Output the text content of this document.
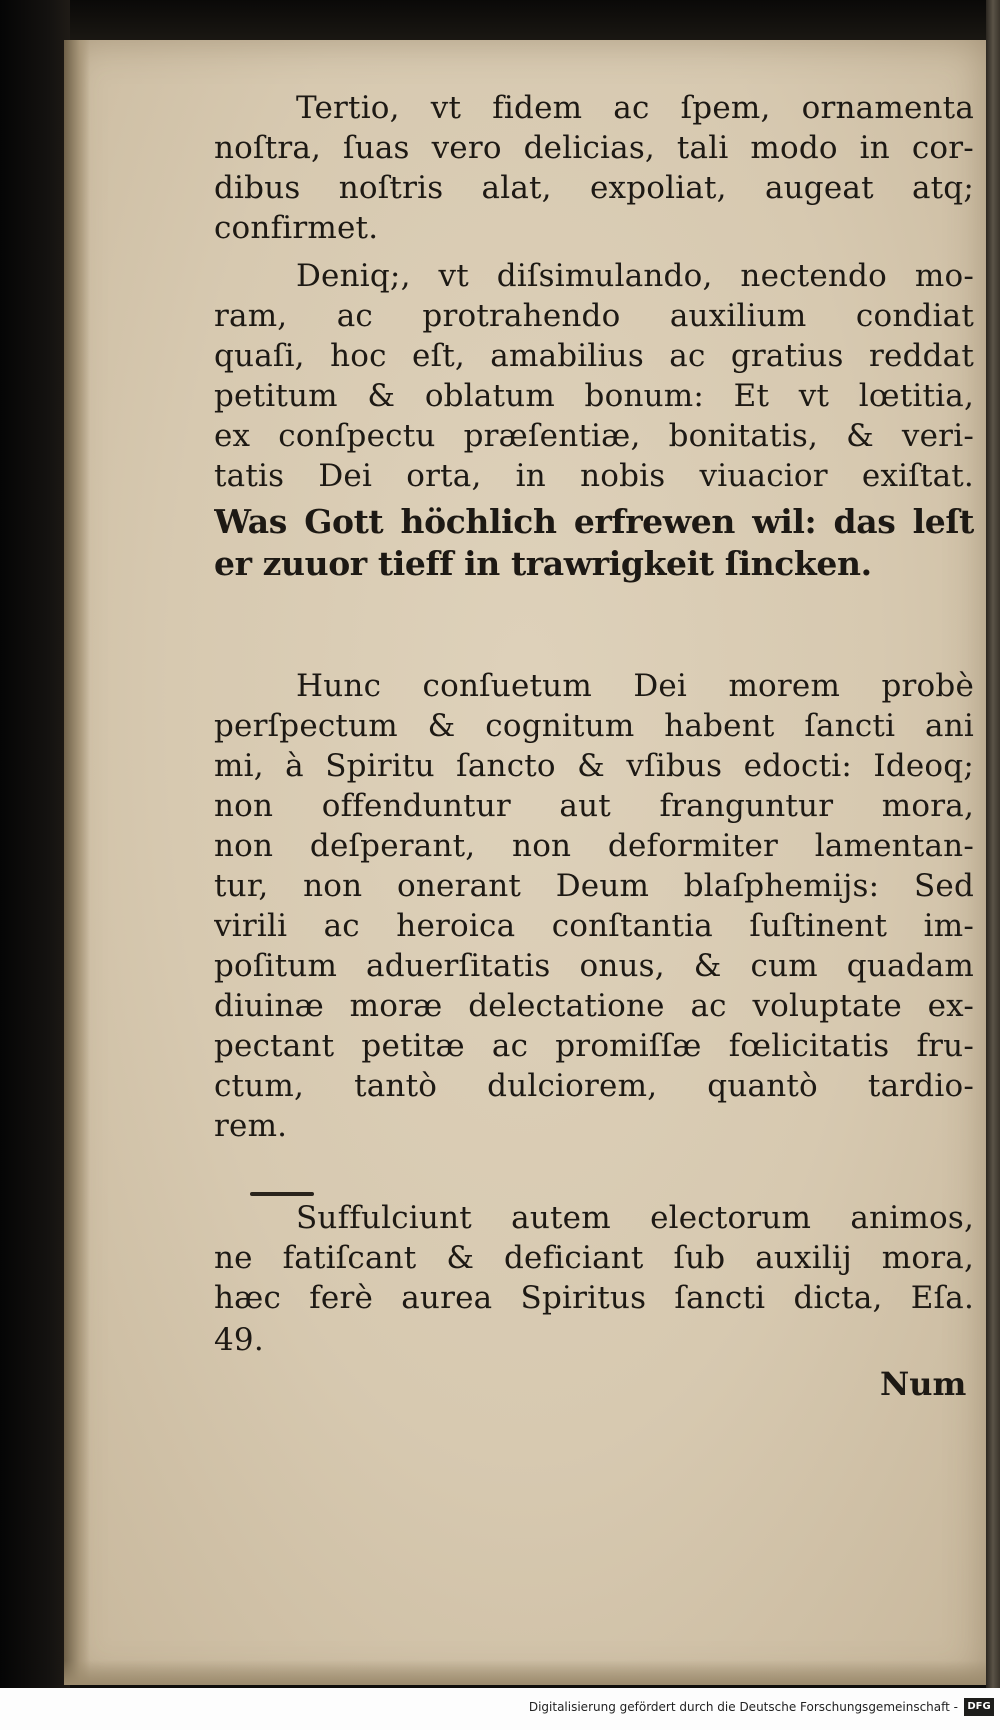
Tertio, vt fidem ac ſpem, ornamenta
noſtra, ſuas vero delicias, tali modo in cor-
dibus noſtris alat, expoliat, augeat atq;
confirmet.
Deniq;, vt diſsimulando, nectendo mo-
ram, ac protrahendo auxilium condiat
quaſi, hoc eſt, amabilius ac gratius reddat
petitum & oblatum bonum: Et vt lœtitia,
ex conſpectu præſentiæ, bonitatis, & veri-
tatis Dei orta, in nobis viuacior exiſtat.
Was Gott höchlich erfrewen wil: das leſt
er zuuor tieff in trawrigkeit ſincken.
Hunc conſuetum Dei morem probè
perſpectum & cognitum habent ſancti ani
mi, à Spiritu ſancto & vſibus edocti: Ideoq;
non offenduntur aut franguntur mora,
non deſperant, non deformiter lamentan-
tur, non onerant Deum blaſphemijs: Sed
virili ac heroica conſtantia ſuſtinent im-
poſitum aduerſitatis onus, & cum quadam
diuinæ moræ delectatione ac voluptate ex-
pectant petitæ ac promiſſæ fœlicitatis fru-
ctum, tantò dulciorem, quantò tardio-
rem.
Suffulciunt autem electorum animos,
ne fatiſcant & deficiant ſub auxilij mora,
hæc ferè aurea Spiritus ſancti dicta, Eſa.
49.
Num
Digitalisierung gefördert durch die Deutsche Forschungsgemeinschaft - DFG
